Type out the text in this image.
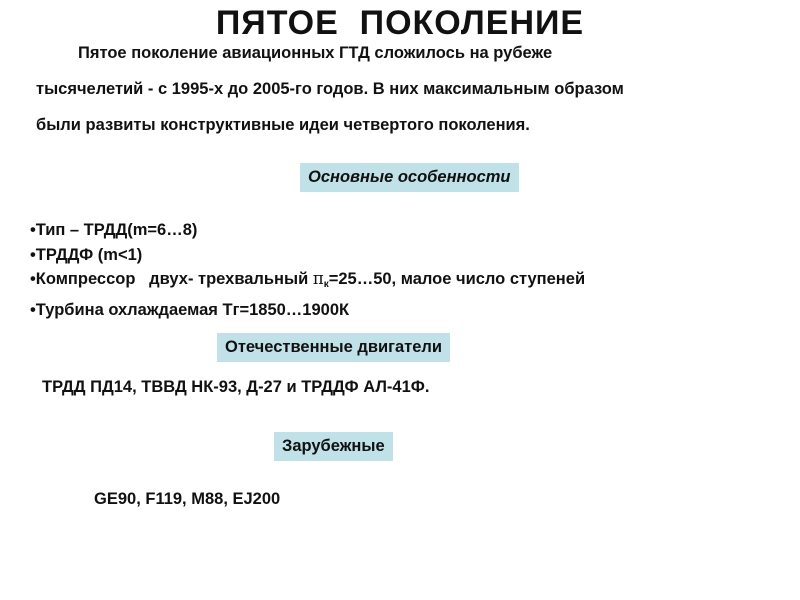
ПЯТОЕ  ПОКОЛЕНИЕ
Пятое поколение авиационных ГТД сложилось на рубеже
тысячелетий - с 1995-х до 2005-го годов. В них максимальным образом
были развиты конструктивные идеи четвертого поколения.
Основные особенности
•Тип – ТРДД(m=6…8)
•ТРДДФ (m<1)
•Компрессор   двух- трехвальный $\pi_к=25\dots 50$, малое число ступеней
•Турбина охлаждаемая Тг=1850…1900К
Отечественные двигатели
ТРДД ПД14, ТВВД НК-93, Д-27 и ТРДДФ АЛ-41Ф.
Зарубежные
GE90, F119, M88, EJ200
